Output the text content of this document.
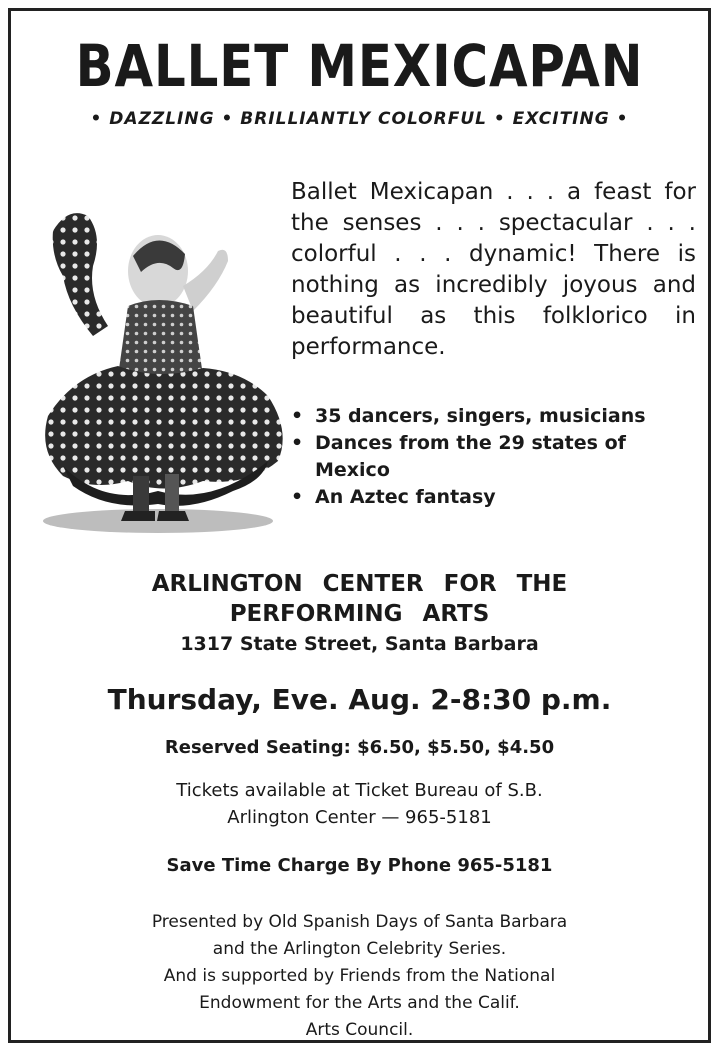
BALLET MEXICAPAN
• DAZZLING • BRILLIANTLY COLORFUL • EXCITING •
Ballet Mexicapan . . . a feast for the senses . . . spectacular . . . colorful . . . dynamic! There is nothing as incredibly joyous and beautiful as this folklorico in performance.
• 35 dancers, singers, musicians
• Dances from the 29 states of Mexico
• An Aztec fantasy
ARLINGTON CENTER FOR THE
PERFORMING ARTS
1317 State Street, Santa Barbara
Thursday, Eve. Aug. 2-8:30 p.m.
Reserved Seating: $6.50, $5.50, $4.50
Tickets available at Ticket Bureau of S.B.
Arlington Center — 965-5181
Save Time Charge By Phone 965-5181
Presented by Old Spanish Days of Santa Barbara
and the Arlington Celebrity Series.
And is supported by Friends from the National
Endowment for the Arts and the Calif.
Arts Council.
